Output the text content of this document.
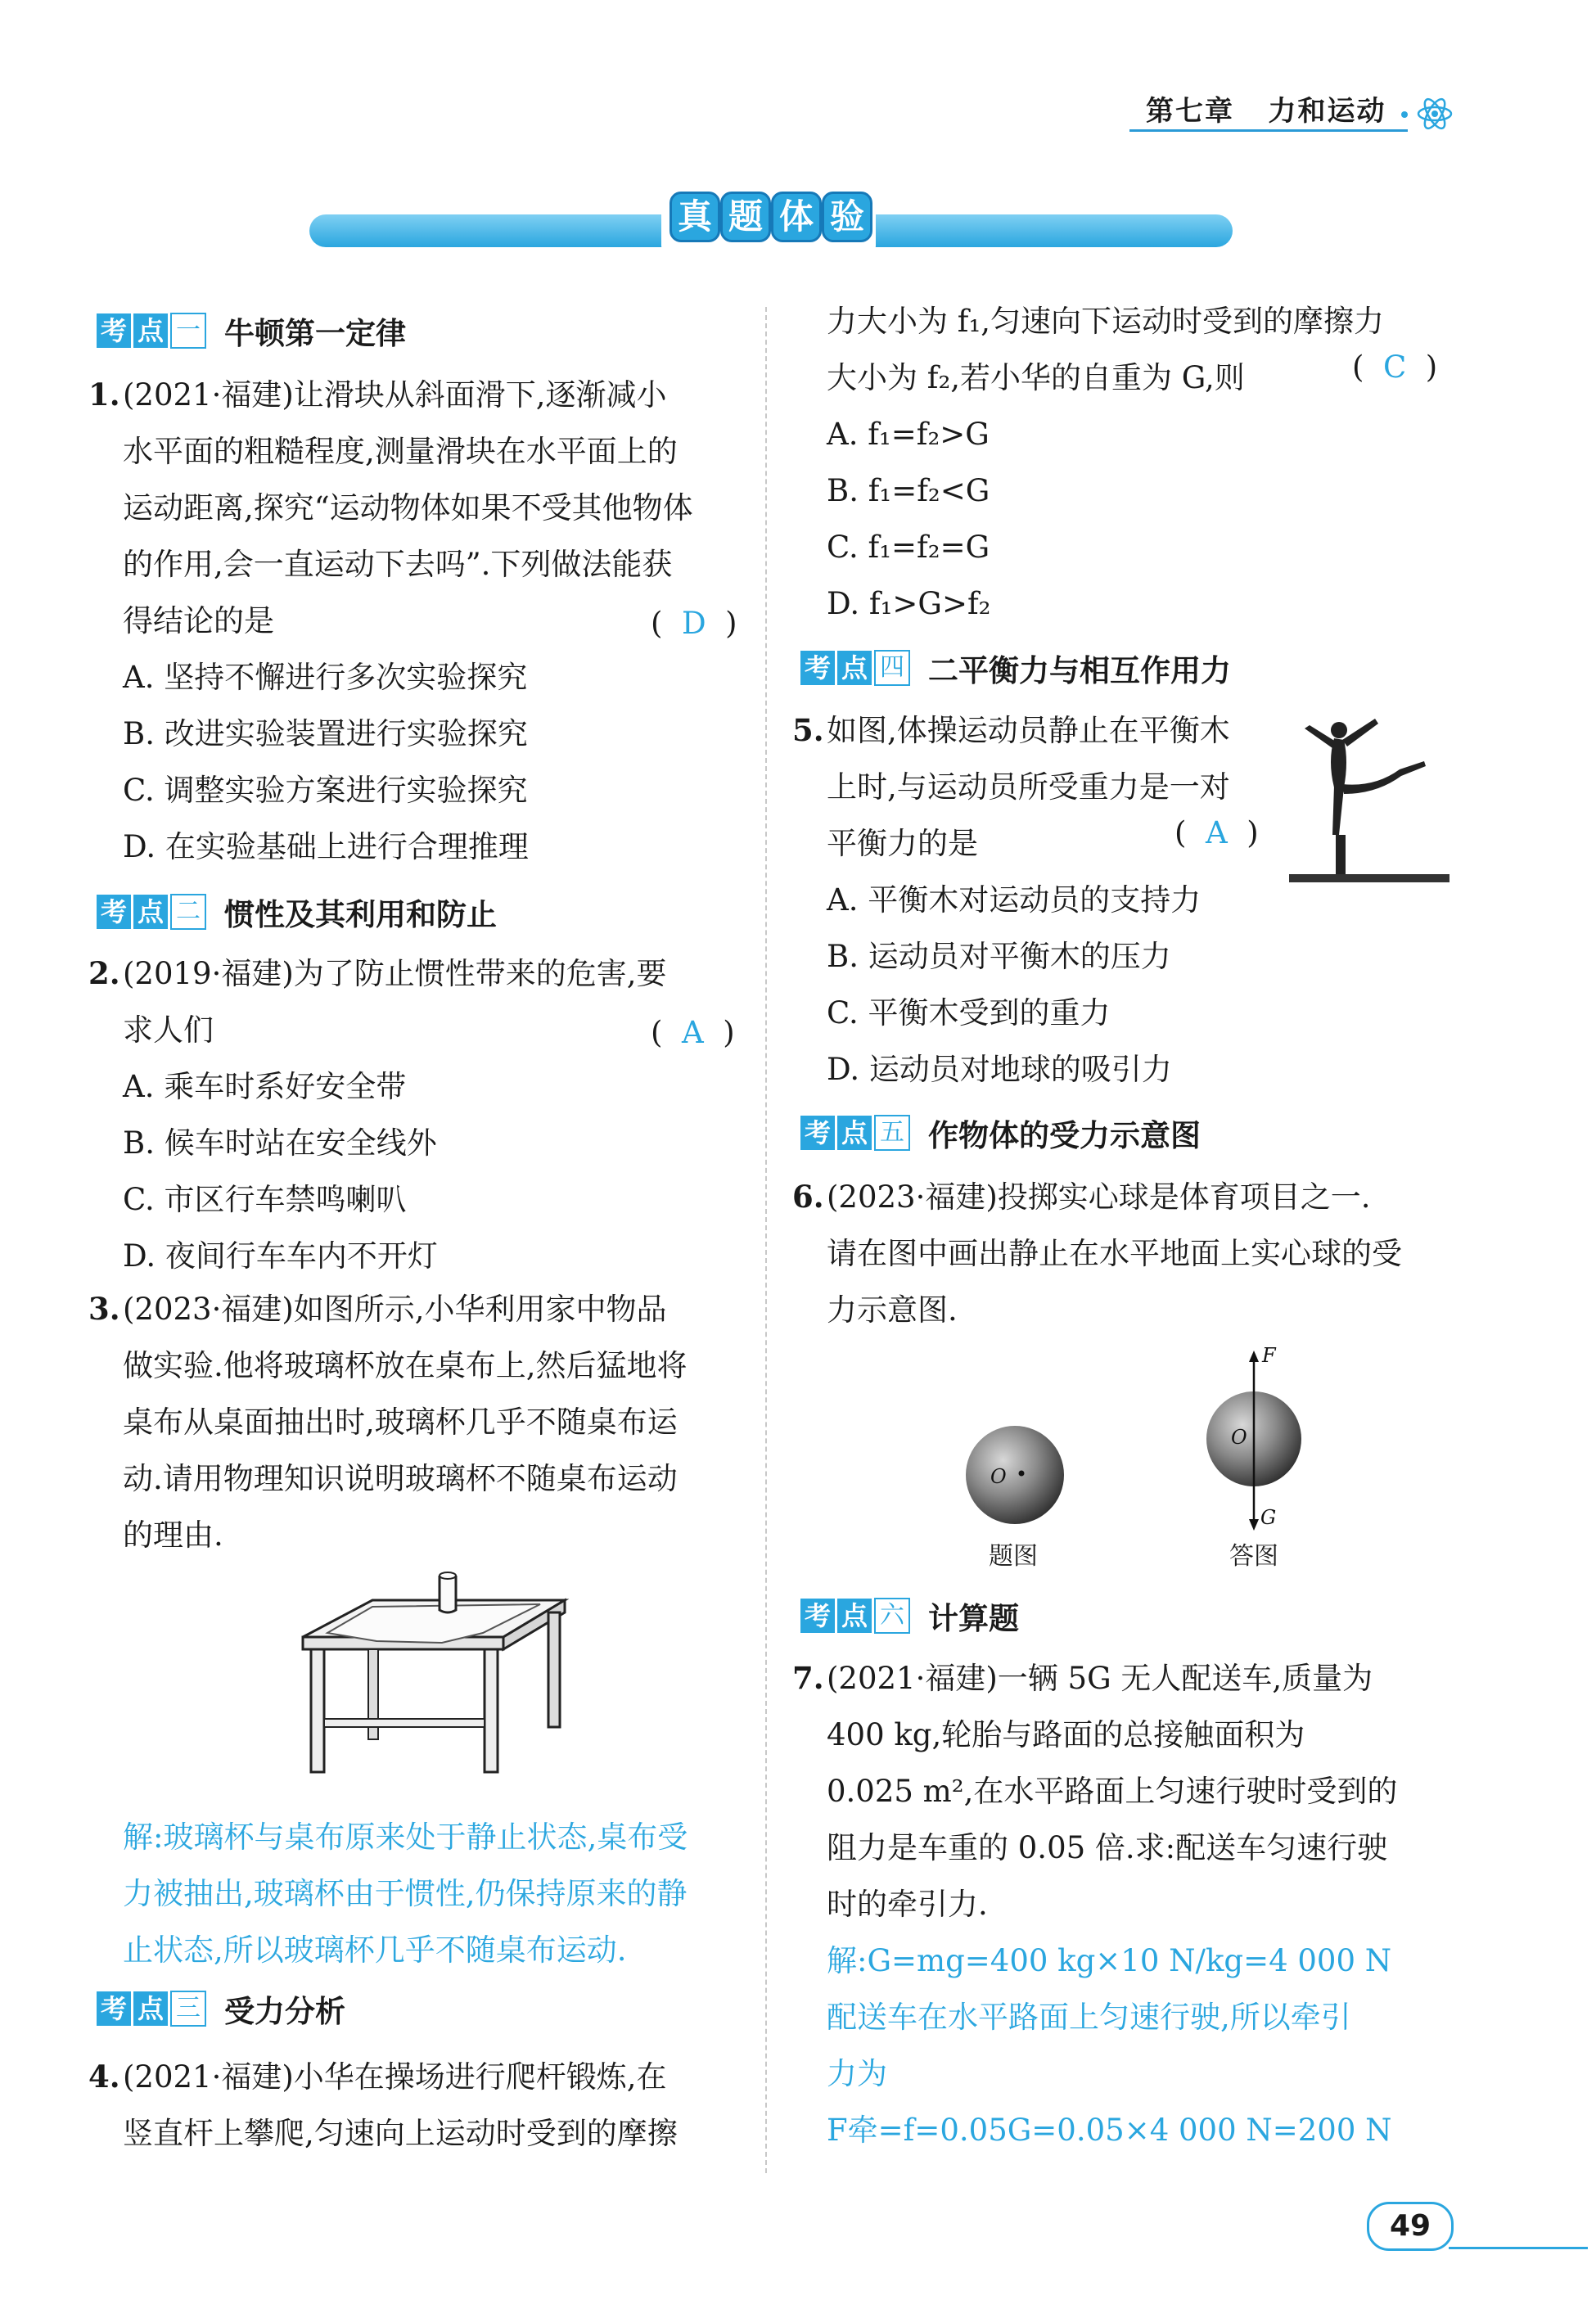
第七章 力和运动
真 题 体 验
考 点 一 牛顿第一定律
1. (2021·福建)让滑块从斜面滑下,逐渐减小
水平面的粗糙程度,测量滑块在水平面上的
运动距离,探究“运动物体如果不受其他物体
的作用,会一直运动下去吗”.下列做法能获
得结论的是
A. 坚持不懈进行多次实验探究
B. 改进实验装置进行实验探究
C. 调整实验方案进行实验探究
D. 在实验基础上进行合理推理
(  D  )
考 点 二 惯性及其利用和防止
2. (2019·福建)为了防止惯性带来的危害,要
求人们
A. 乘车时系好安全带
B. 候车时站在安全线外
C. 市区行车禁鸣喇叭
D. 夜间行车车内不开灯
(  A  )
3. (2023·福建)如图所示,小华利用家中物品
做实验.他将玻璃杯放在桌布上,然后猛地将
桌布从桌面抽出时,玻璃杯几乎不随桌布运
动.请用物理知识说明玻璃杯不随桌布运动
的理由.
解:玻璃杯与桌布原来处于静止状态,桌布受
力被抽出,玻璃杯由于惯性,仍保持原来的静
止状态,所以玻璃杯几乎不随桌布运动.
考 点 三 受力分析
4. (2021·福建)小华在操场进行爬杆锻炼,在
竖直杆上攀爬,匀速向上运动时受到的摩擦
力大小为 f₁,匀速向下运动时受到的摩擦力
大小为 f₂,若小华的自重为 G,则
A. f₁=f₂>G
B. f₁=f₂<G
C. f₁=f₂=G
D. f₁>G>f₂
(  C  )
考 点 四 二平衡力与相互作用力
5. 如图,体操运动员静止在平衡木
上时,与运动员所受重力是一对
平衡力的是
A. 平衡木对运动员的支持力
B. 运动员对平衡木的压力
C. 平衡木受到的重力
D. 运动员对地球的吸引力
(  A  )
考 点 五 作物体的受力示意图
6. (2023·福建)投掷实心球是体育项目之一.
请在图中画出静止在水平地面上实心球的受
力示意图.
O
F
G
O
题图	答图
考 点 六 计算题
7. (2021·福建)一辆 5G 无人配送车,质量为
400 kg,轮胎与路面的总接触面积为
0.025 m²,在水平路面上匀速行驶时受到的
阻力是车重的 0.05 倍.求:配送车匀速行驶
时的牵引力.
解:G=mg=400 kg×10 N/kg=4 000 N
配送车在水平路面上匀速行驶,所以牵引
力为
F牵=f=0.05G=0.05×4 000 N=200 N
49
